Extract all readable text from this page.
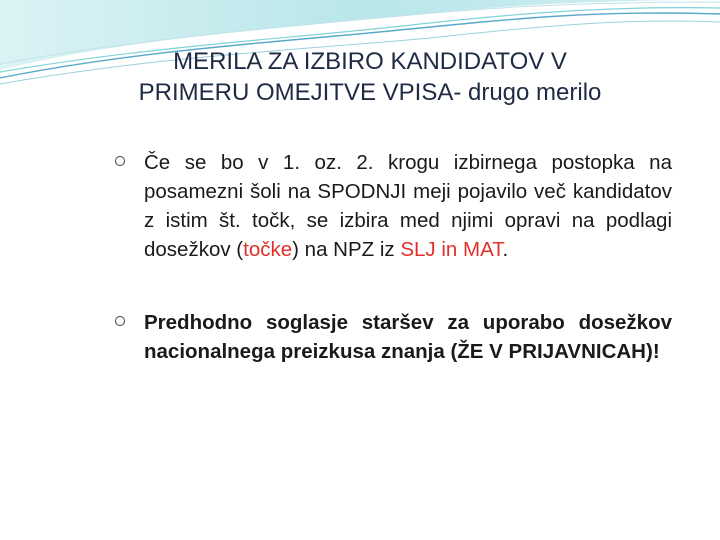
MERILA ZA IZBIRO KANDIDATOV V
PRIMERU OMEJITVE VPISA- drugo merilo
Če se bo v 1. oz. 2. krogu izbirnega postopka na posamezni šoli na SPODNJI meji pojavilo več kandidatov z istim št. točk, se izbira med njimi opravi na podlagi dosežkov (točke) na NPZ iz SLJ in MAT.
Predhodno soglasje staršev za uporabo dosežkov nacionalnega preizkusa znanja (ŽE V PRIJAVNICAH)!
